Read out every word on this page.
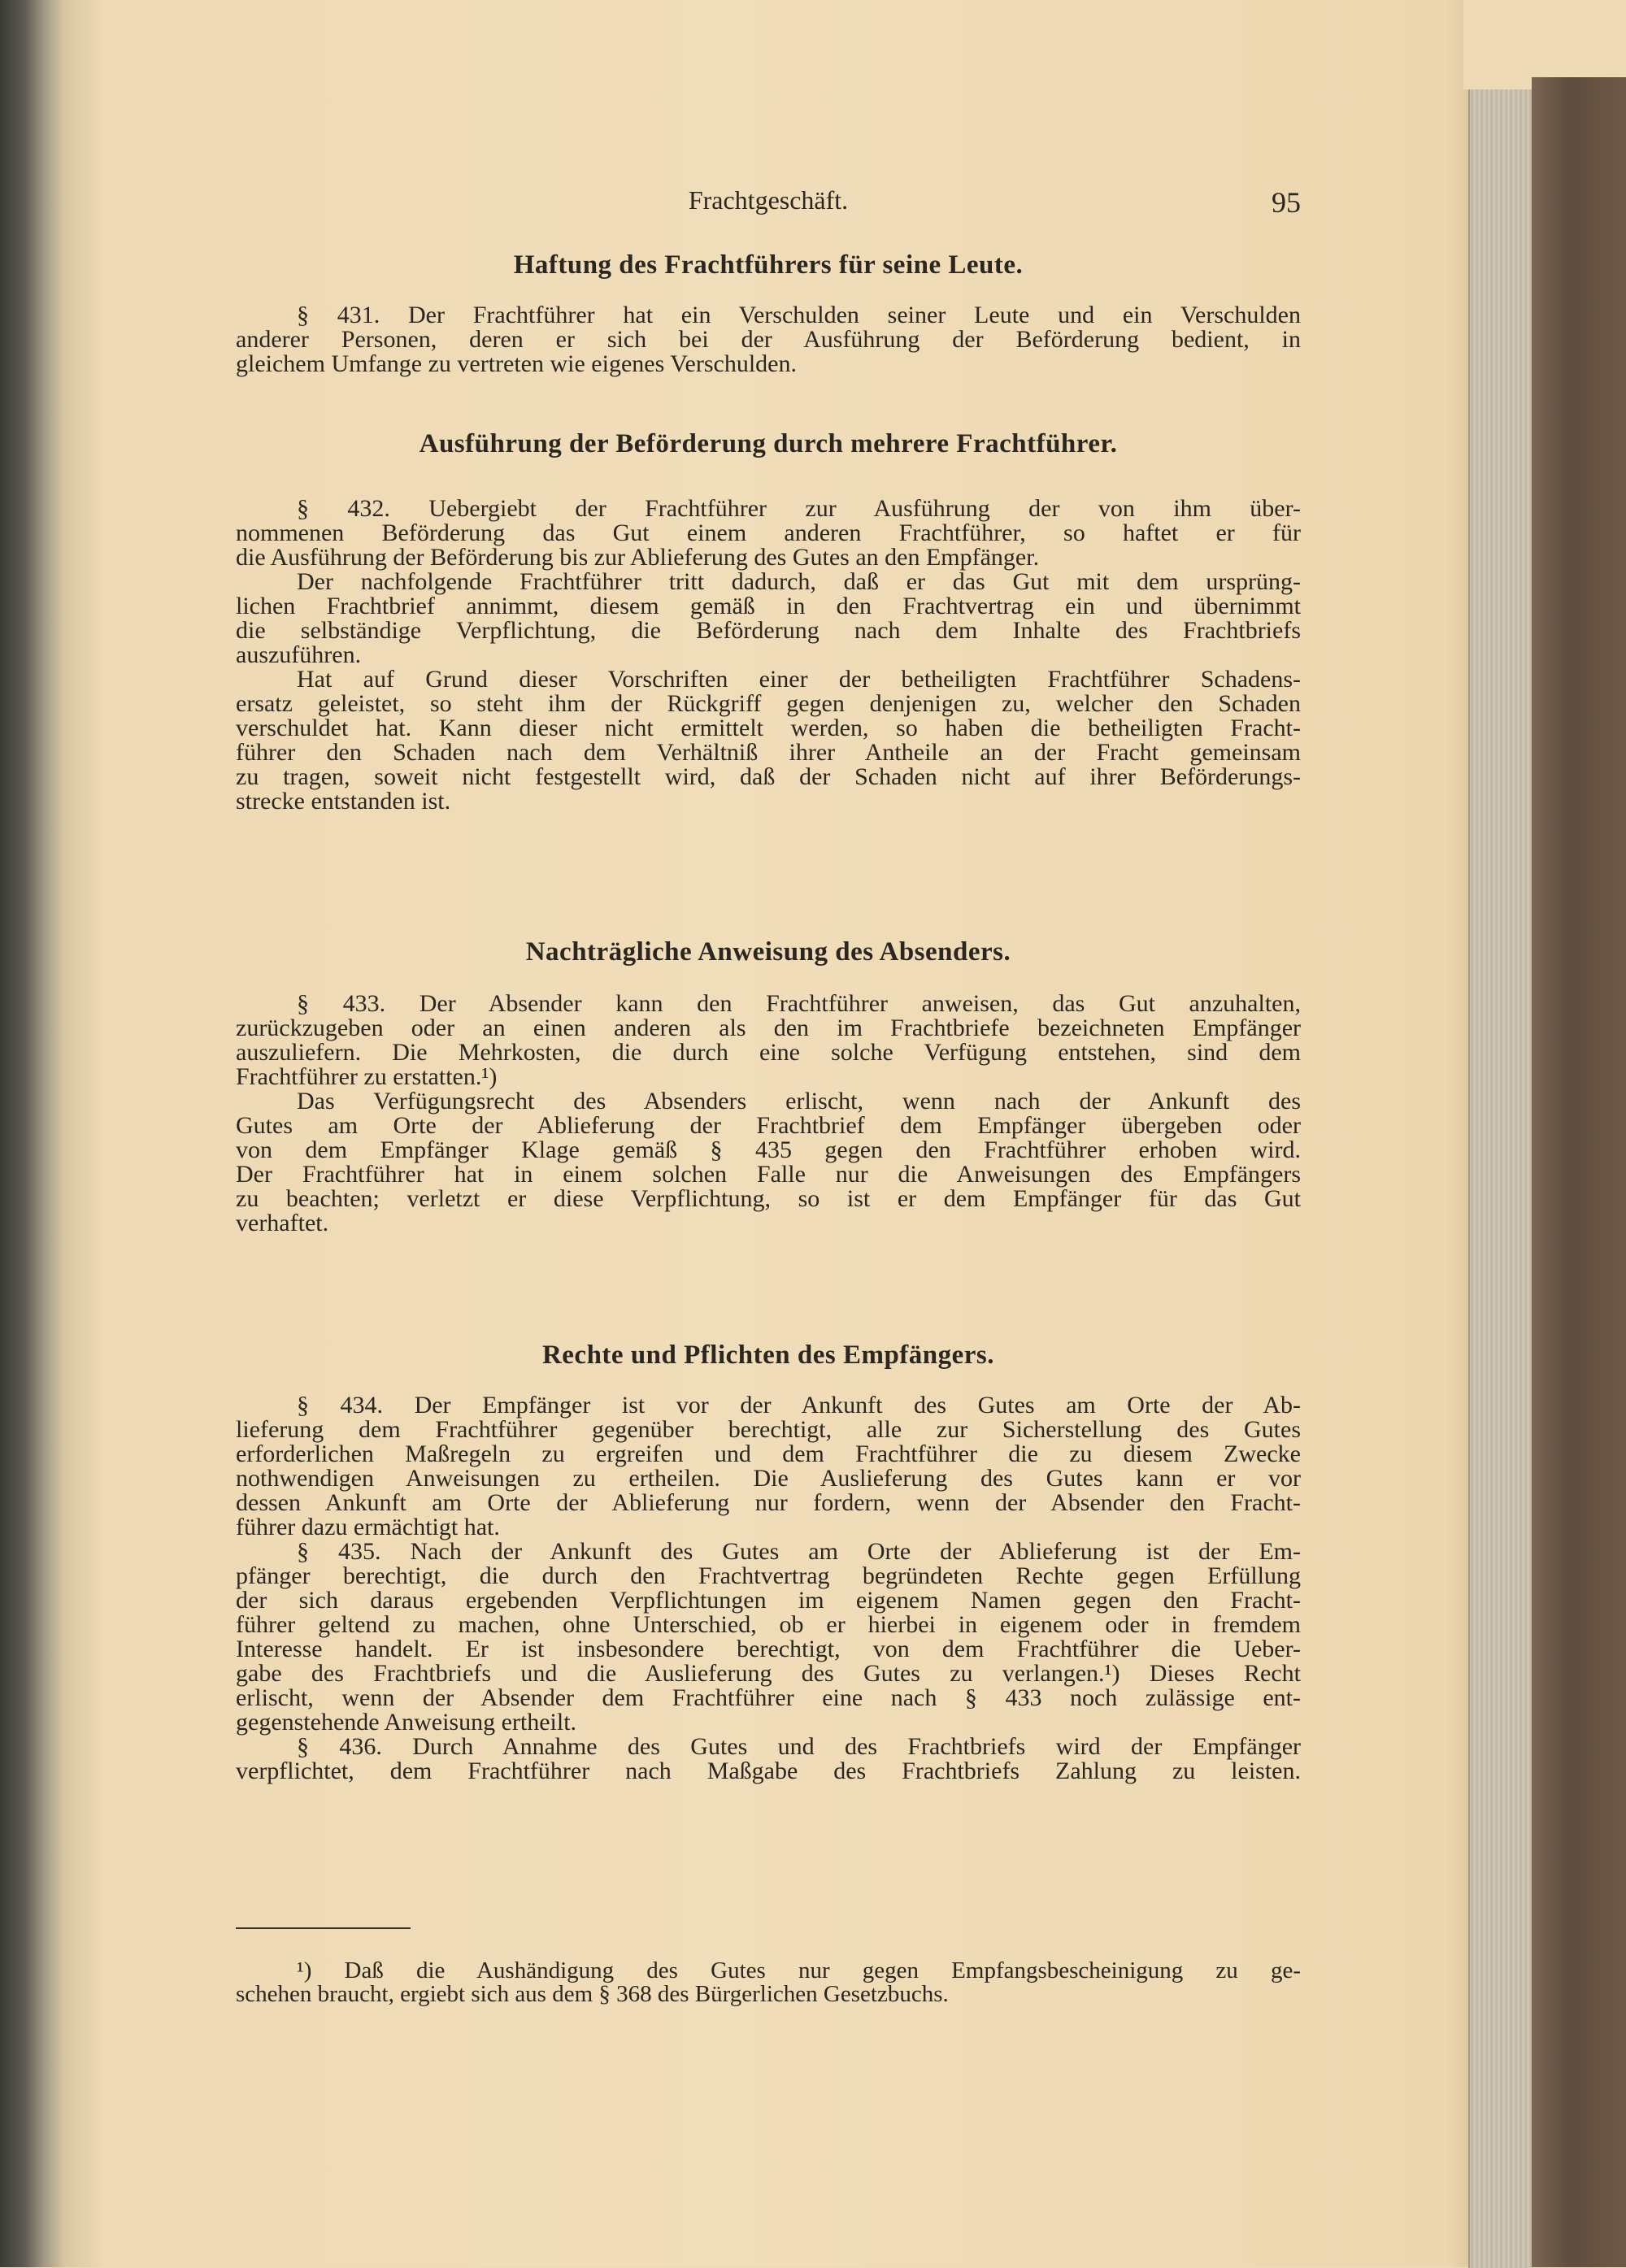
Frachtgeschäft.	95
Haftung des Frachtführers für seine Leute.
§ 431. Der Frachtführer hat ein Verschulden seiner Leute und ein Verschulden
anderer Personen, deren er sich bei der Ausführung der Beförderung bedient, in
gleichem Umfange zu vertreten wie eigenes Verschulden.
Ausführung der Beförderung durch mehrere Frachtführer.
§ 432. Uebergiebt der Frachtführer zur Ausführung der von ihm über-
nommenen Beförderung das Gut einem anderen Frachtführer, so haftet er für
die Ausführung der Beförderung bis zur Ablieferung des Gutes an den Empfänger.
Der nachfolgende Frachtführer tritt dadurch, daß er das Gut mit dem ursprüng-
lichen Frachtbrief annimmt, diesem gemäß in den Frachtvertrag ein und übernimmt
die selbständige Verpflichtung, die Beförderung nach dem Inhalte des Frachtbriefs
auszuführen.
Hat auf Grund dieser Vorschriften einer der betheiligten Frachtführer Schadens-
ersatz geleistet, so steht ihm der Rückgriff gegen denjenigen zu, welcher den Schaden
verschuldet hat. Kann dieser nicht ermittelt werden, so haben die betheiligten Fracht-
führer den Schaden nach dem Verhältniß ihrer Antheile an der Fracht gemeinsam
zu tragen, soweit nicht festgestellt wird, daß der Schaden nicht auf ihrer Beförderungs-
strecke entstanden ist.
Nachträgliche Anweisung des Absenders.
§ 433. Der Absender kann den Frachtführer anweisen, das Gut anzuhalten,
zurückzugeben oder an einen anderen als den im Frachtbriefe bezeichneten Empfänger
auszuliefern. Die Mehrkosten, die durch eine solche Verfügung entstehen, sind dem
Frachtführer zu erstatten.¹)
Das Verfügungsrecht des Absenders erlischt, wenn nach der Ankunft des
Gutes am Orte der Ablieferung der Frachtbrief dem Empfänger übergeben oder
von dem Empfänger Klage gemäß § 435 gegen den Frachtführer erhoben wird.
Der Frachtführer hat in einem solchen Falle nur die Anweisungen des Empfängers
zu beachten; verletzt er diese Verpflichtung, so ist er dem Empfänger für das Gut
verhaftet.
Rechte und Pflichten des Empfängers.
§ 434. Der Empfänger ist vor der Ankunft des Gutes am Orte der Ab-
lieferung dem Frachtführer gegenüber berechtigt, alle zur Sicherstellung des Gutes
erforderlichen Maßregeln zu ergreifen und dem Frachtführer die zu diesem Zwecke
nothwendigen Anweisungen zu ertheilen. Die Auslieferung des Gutes kann er vor
dessen Ankunft am Orte der Ablieferung nur fordern, wenn der Absender den Fracht-
führer dazu ermächtigt hat.
§ 435. Nach der Ankunft des Gutes am Orte der Ablieferung ist der Em-
pfänger berechtigt, die durch den Frachtvertrag begründeten Rechte gegen Erfüllung
der sich daraus ergebenden Verpflichtungen im eigenem Namen gegen den Fracht-
führer geltend zu machen, ohne Unterschied, ob er hierbei in eigenem oder in fremdem
Interesse handelt. Er ist insbesondere berechtigt, von dem Frachtführer die Ueber-
gabe des Frachtbriefs und die Auslieferung des Gutes zu verlangen.¹) Dieses Recht
erlischt, wenn der Absender dem Frachtführer eine nach § 433 noch zulässige ent-
gegenstehende Anweisung ertheilt.
§ 436. Durch Annahme des Gutes und des Frachtbriefs wird der Empfänger
verpflichtet, dem Frachtführer nach Maßgabe des Frachtbriefs Zahlung zu leisten.
¹) Daß die Aushändigung des Gutes nur gegen Empfangsbescheinigung zu ge-
schehen braucht, ergiebt sich aus dem § 368 des Bürgerlichen Gesetzbuchs.
